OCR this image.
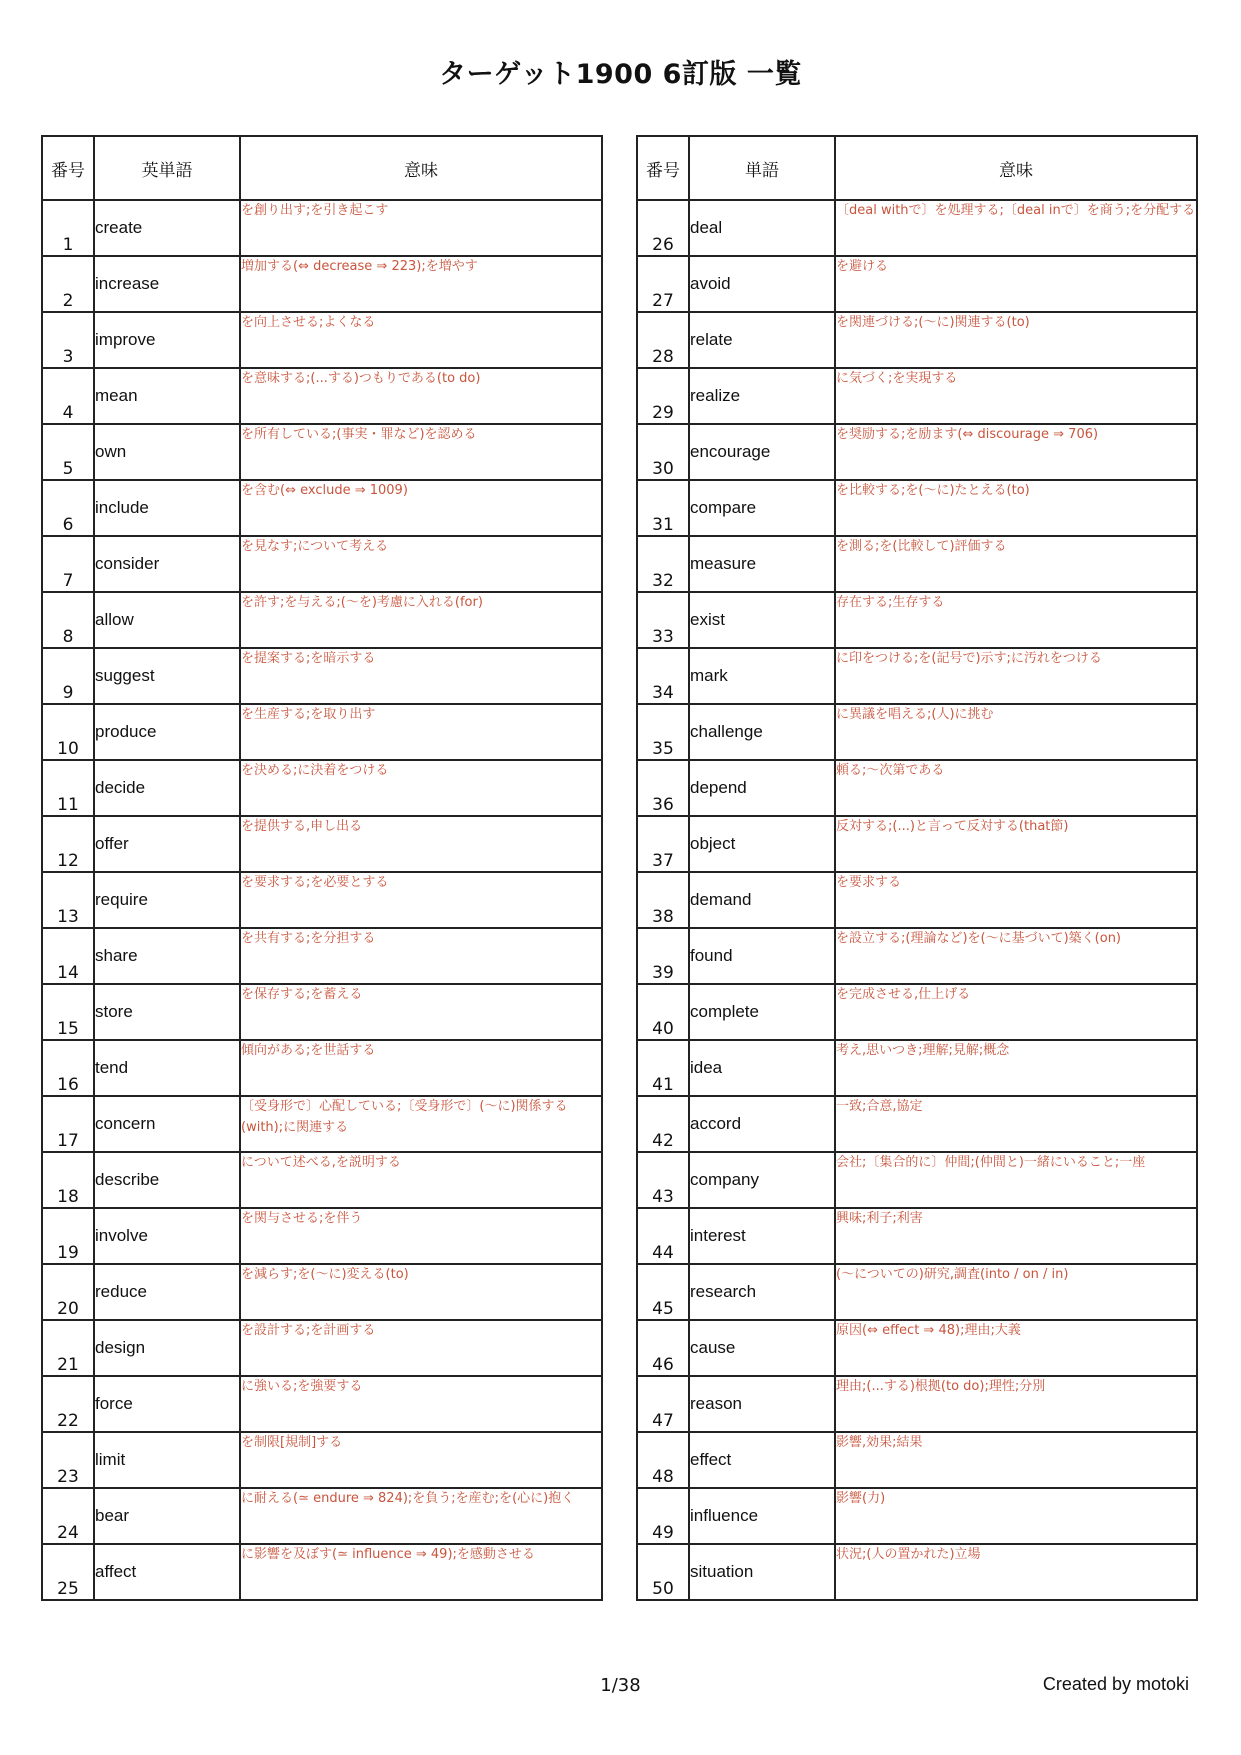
ターゲット1900 6訂版 一覧
番号	英単語	意味
1	create	を創り出す;を引き起こす
2	increase	増加する(⇔ decrease ⇒ 223);を増やす
3	improve	を向上させる;よくなる
4	mean	を意味する;(...する)つもりである(to do)
5	own	を所有している;(事実・罪など)を認める
6	include	を含む(⇔ exclude ⇒ 1009)
7	consider	を見なす;について考える
8	allow	を許す;を与える;(〜を)考慮に入れる(for)
9	suggest	を提案する;を暗示する
10	produce	を生産する;を取り出す
11	decide	を決める;に決着をつける
12	offer	を提供する,申し出る
13	require	を要求する;を必要とする
14	share	を共有する;を分担する
15	store	を保存する;を蓄える
16	tend	傾向がある;を世話する
17	concern	〔受身形で〕心配している;〔受身形で〕(〜に)関係する(with);に関連する
18	describe	について述べる,を説明する
19	involve	を関与させる;を伴う
20	reduce	を減らす;を(〜に)変える(to)
21	design	を設計する;を計画する
22	force	に強いる;を強要する
23	limit	を制限[規制]する
24	bear	に耐える(≃ endure ⇒ 824);を負う;を産む;を(心に)抱く
25	affect	に影響を及ぼす(≃ influence ⇒ 49);を感動させる
番号	単語	意味
26	deal	〔deal withで〕を処理する;〔deal inで〕を商う;を分配する
27	avoid	を避ける
28	relate	を関連づける;(〜に)関連する(to)
29	realize	に気づく;を実現する
30	encourage	を奨励する;を励ます(⇔ discourage ⇒ 706)
31	compare	を比較する;を(〜に)たとえる(to)
32	measure	を測る;を(比較して)評価する
33	exist	存在する;生存する
34	mark	に印をつける;を(記号で)示す;に汚れをつける
35	challenge	に異議を唱える;(人)に挑む
36	depend	頼る;〜次第である
37	object	反対する;(...)と言って反対する(that節)
38	demand	を要求する
39	found	を設立する;(理論など)を(〜に基づいて)築く(on)
40	complete	を完成させる,仕上げる
41	idea	考え,思いつき;理解;見解;概念
42	accord	一致;合意,協定
43	company	会社;〔集合的に〕仲間;(仲間と)一緒にいること;一座
44	interest	興味;利子;利害
45	research	(〜についての)研究,調査(into / on / in)
46	cause	原因(⇔ effect ⇒ 48);理由;大義
47	reason	理由;(...する)根拠(to do);理性;分別
48	effect	影響,効果;結果
49	influence	影響(力)
50	situation	状況;(人の置かれた)立場
1/38	Created by motoki
